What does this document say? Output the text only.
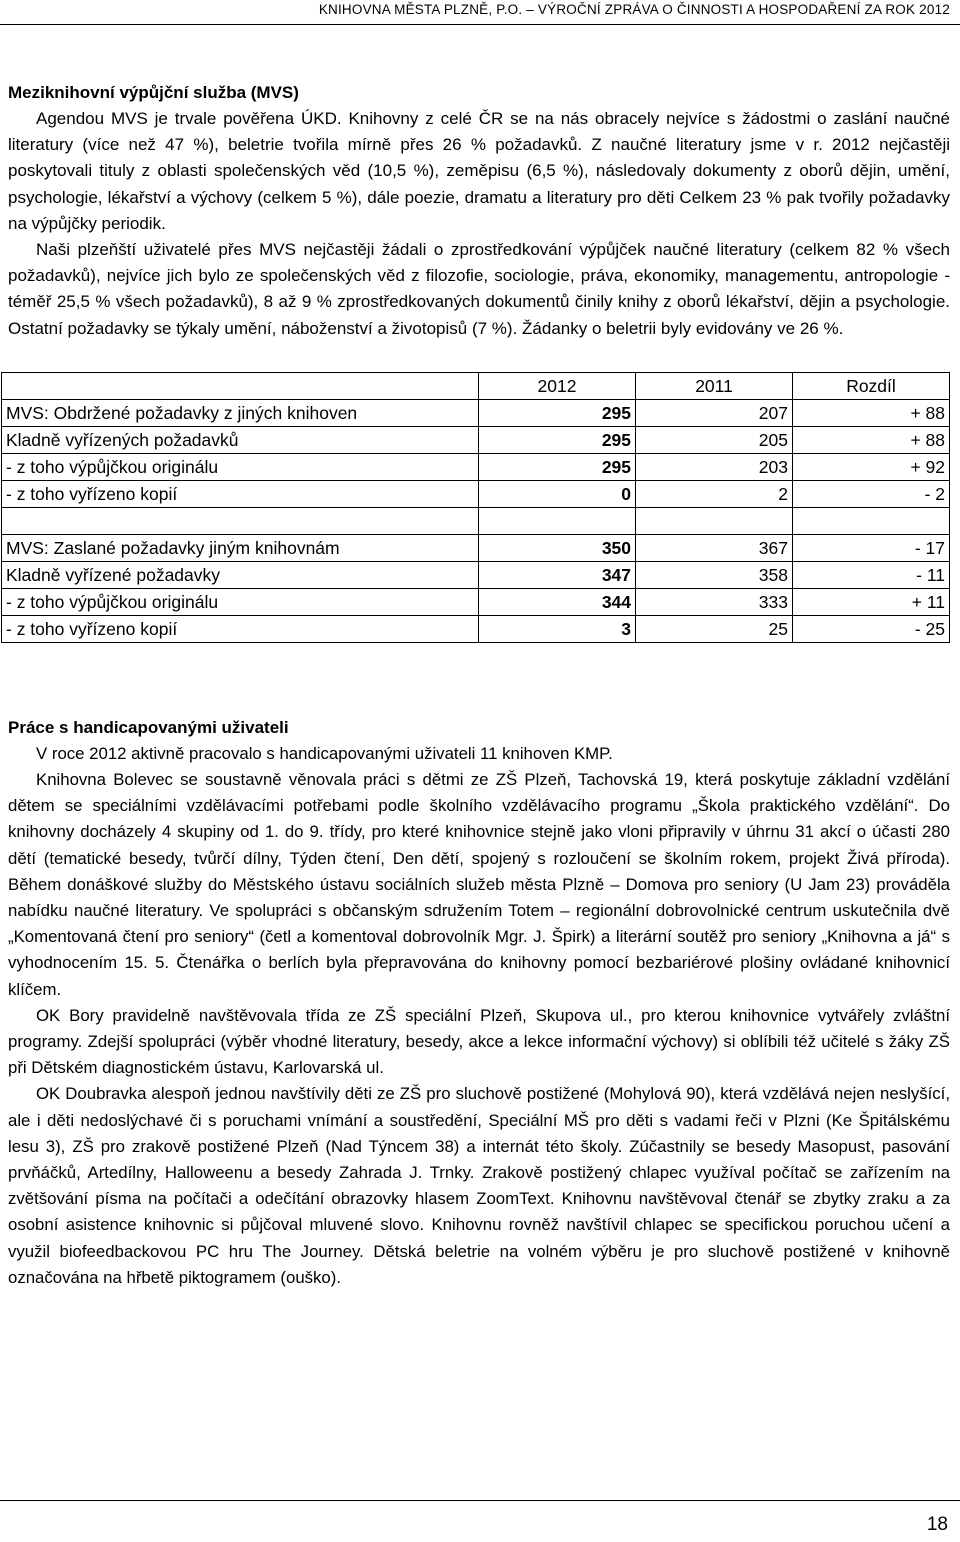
KNIHOVNA MĚSTA PLZNĚ, P.O. – VÝROČNÍ ZPRÁVA O ČINNOSTI A HOSPODAŘENÍ ZA ROK 2012
Meziknihovní výpůjční služba (MVS)

Agendou MVS je trvale pověřena ÚKD. Knihovny z celé ČR se na nás obracely nejvíce s žádostmi o zaslání naučné literatury (více než 47 %), beletrie tvořila mírně přes 26 % požadavků. Z naučné literatury jsme v r. 2012 nejčastěji poskytovali tituly z oblasti společenských věd (10,5 %), zeměpisu (6,5 %), následovaly dokumenty z oborů dějin, umění, psychologie, lékařství a výchovy (celkem 5 %), dále poezie, dramatu a literatury pro děti Celkem 23 % pak tvořily požadavky na výpůjčky periodik.

Naši plzeňští uživatelé přes MVS nejčastěji žádali o zprostředkování výpůjček naučné literatury (celkem 82 % všech požadavků), nejvíce jich bylo ze společenských věd z filozofie, sociologie, práva, ekonomiky, managementu, antropologie - téměř 25,5 % všech požadavků), 8 až 9 % zprostředkovaných dokumentů činily knihy z oborů lékařství, dějin a psychologie. Ostatní požadavky se týkaly umění, náboženství a životopisů (7 %). Žádanky o beletrii byly evidovány ve 26 %.

	2012	2011	Rozdíl
MVS: Obdržené požadavky z jiných knihoven	295	207	+ 88
Kladně vyřízených požadavků	295	205	+ 88
- z toho výpůjčkou originálu	295	203	+ 92
- z toho vyřízeno kopií	0	2	- 2

MVS: Zaslané požadavky jiným knihovnám	350	367	- 17
Kladně vyřízené požadavky	347	358	- 11
- z toho výpůjčkou originálu	344	333	+ 11
- z toho vyřízeno kopií	3	25	- 25
Práce s handicapovanými uživateli

V roce 2012 aktivně pracovalo s handicapovanými uživateli 11 knihoven KMP.

Knihovna Bolevec se soustavně věnovala práci s dětmi ze ZŠ Plzeň, Tachovská 19, která poskytuje základní vzdělání dětem se speciálními vzdělávacími potřebami podle školního vzdělávacího programu „Škola praktického vzdělání“. Do knihovny docházely 4 skupiny od 1. do 9. třídy, pro které knihovnice stejně jako vloni připravily v úhrnu 31 akcí o účasti 280 dětí (tematické besedy, tvůrčí dílny, Týden čtení, Den dětí, spojený s rozloučení se školním rokem, projekt Živá příroda). Během donáškové služby do Městského ústavu sociálních služeb města Plzně – Domova pro seniory (U Jam 23) prováděla nabídku naučné literatury. Ve spolupráci s občanským sdružením Totem – regionální dobrovolnické centrum uskutečnila dvě „Komentovaná čtení pro seniory“ (četl a komentoval dobrovolník Mgr. J. Špirk) a literární soutěž pro seniory „Knihovna a já“ s vyhodnocením 15. 5. Čtenářka o berlích byla přepravována do knihovny pomocí bezbariérové plošiny ovládané knihovnicí klíčem.

OK Bory pravidelně navštěvovala třída ze ZŠ speciální Plzeň, Skupova ul., pro kterou knihovnice vytvářely zvláštní programy. Zdejší spolupráci (výběr vhodné literatury, besedy, akce a lekce informační výchovy) si oblíbili též učitelé s žáky ZŠ při Dětském diagnostickém ústavu, Karlovarská ul.

OK Doubravka alespoň jednou navštívily děti ze ZŠ pro sluchově postižené (Mohylová 90), která vzdělává nejen neslyšící, ale i děti nedoslýchavé či s poruchami vnímání a soustředění, Speciální MŠ pro děti s vadami řeči v Plzni (Ke Špitálskému lesu 3), ZŠ pro zrakově postižené Plzeň (Nad Týncem 38) a internát této školy. Zúčastnily se besedy Masopust, pasování prvňáčků, Artedílny, Halloweenu a besedy Zahrada J. Trnky. Zrakově postižený chlapec využíval počítač se zařízením na zvětšování písma na počítači a odečítání obrazovky hlasem ZoomText. Knihovnu navštěvoval čtenář se zbytky zraku a za osobní asistence knihovnic si půjčoval mluvené slovo. Knihovnu rovněž navštívil chlapec se specifickou poruchou učení a využil biofeedbackovou PC hru The Journey. Dětská beletrie na volném výběru je pro sluchově postižené v knihovně označována na hřbetě piktogramem (ouško).

18
